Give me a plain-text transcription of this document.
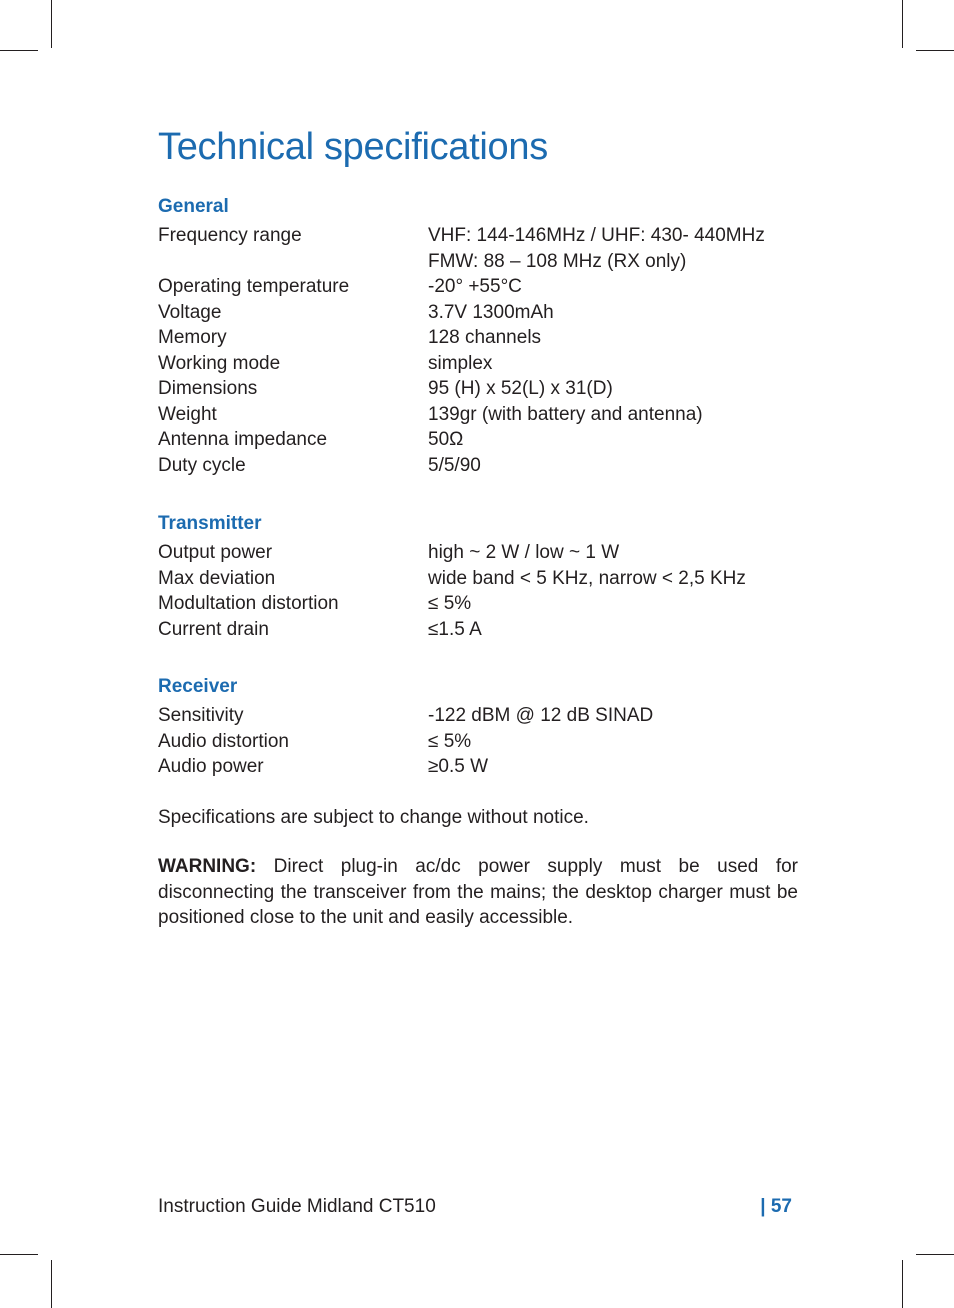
Technical specifications
General
Frequency range	VHF: 144-146MHz / UHF: 430- 440MHz
FMW: 88 – 108 MHz (RX only)
Operating temperature	-20° +55°C
Voltage	3.7V 1300mAh
Memory	128 channels
Working mode	simplex
Dimensions	95 (H) x 52(L) x 31(D)
Weight	139gr (with battery and antenna)
Antenna impedance	50Ω
Duty cycle	5/5/90
Transmitter
Output power	high ~ 2 W / low ~ 1 W
Max deviation	wide band < 5 KHz, narrow < 2,5 KHz
Modultation distortion	≤ 5%
Current drain	≤1.5 A
Receiver
Sensitivity	-122 dBM @ 12 dB SINAD
Audio distortion	≤ 5%
Audio power	≥0.5 W
Specifications are subject to change without notice.
WARNING: Direct plug-in ac/dc power supply must be used for disconnecting the transceiver from the mains; the desktop charger must be positioned close to the unit and easily accessible.
Instruction Guide Midland CT510	| 57
